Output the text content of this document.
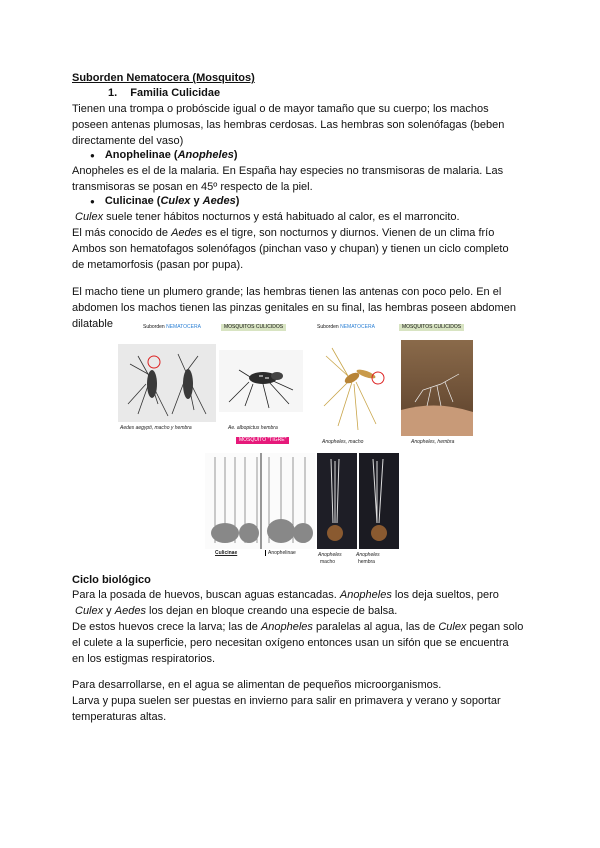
Suborden Nematocera (Mosquitos)
1. Familia Culicidae
Tienen una trompa o probóscide igual o de mayor tamaño que su cuerpo; los machos
poseen antenas plumosas, las hembras cerdosas. Las hembras son solenófagas (beben
directamente del vaso)
● Anophelinae (Anopheles)
Anopheles es el de la malaria. En España hay especies no transmisoras de malaria. Las
transmisoras se posan en 45º respecto de la piel.
● Culicinae (Culex y Aedes)
Culex suele tener hábitos nocturnos y está habituado al calor, es el marroncito.
El más conocido de Aedes es el tigre, son nocturnos y diurnos. Vienen de un clima frío
Ambos son hematofagos solenófagos (pinchan vaso y chupan) y tienen un ciclo completo
de metamorfosis (pasan por pupa).
El macho tiene un plumero grande; las hembras tienen las antenas con poco pelo. En el
abdomen los machos tienen las pinzas genitales en su final, las hembras poseen abdomen
dilatable	Suborden NEMATOCERA	MOSQUITOS CULICIDOS	Suborden NEMATOCERA	MOSQUITOS CULICIDOS
Aedes aegypti, macho y hembra	Ae. albopictus hembra
Anopheles, macho	Anopheles, hembra
MOSQUITO "TIGRE"
Culicinae	Anophelinae	Anopheles
macho
Anopheles
hembra
Ciclo biológico
Para la posada de huevos, buscan aguas estancadas. Anopheles los deja sueltos, pero
Culex y Aedes los dejan en bloque creando una especie de balsa.
De estos huevos crece la larva; las de Anopheles paralelas al agua, las de Culex pegan solo
el culete a la superficie, pero necesitan oxígeno entonces usan un sifón que se encuentra
en los estigmas respiratorios.
Para desarrollarse, en el agua se alimentan de pequeños microorganismos.
Larva y pupa suelen ser puestas en invierno para salir en primavera y verano y soportar
temperaturas altas.
